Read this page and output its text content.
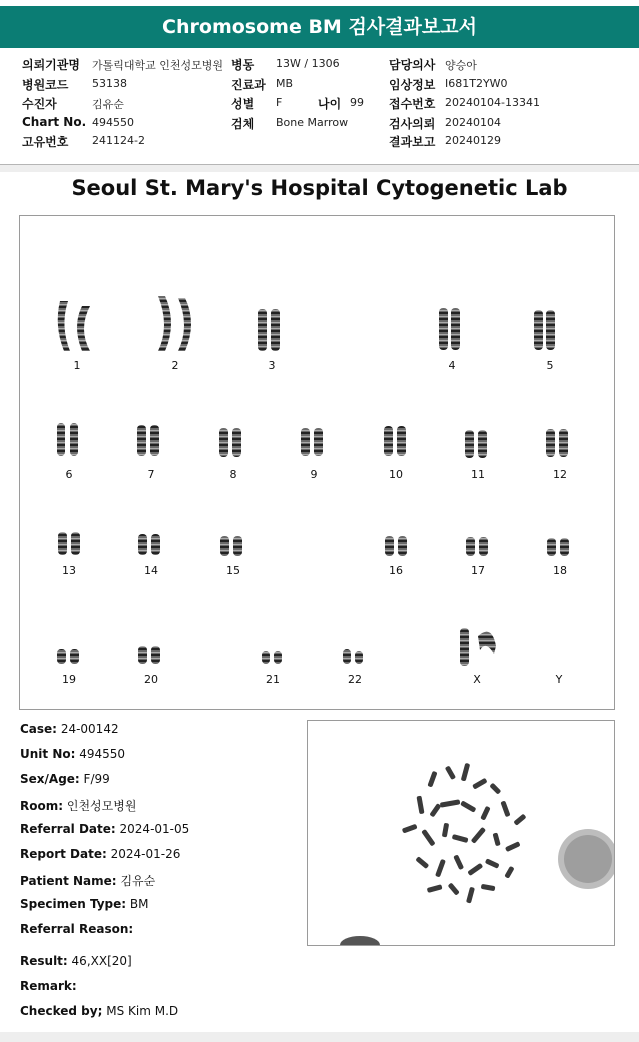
Chromosome BM 검사결과보고서
의뢰기관명 가톨릭대학교 인천성모병원 병동 13W / 1306	담당의사 양승아
병원코드 53138	진료과 MB	임상정보 I681T2YW0
수진자	김유순	성별 F	나이 99 접수번호 20240104-13341
Chart No. 494550	검체 Bone Marrow	검사의뢰 20240104
고유번호 241124-2	결과보고 20240129
Seoul St. Mary's Hospital Cytogenetic Lab
1	2	3	4	5
6	7	8	9	10	11	12
13	14	15	16	17	18
19	20	21	22	X	Y
Case: 24-00142
Unit No: 494550
Sex/Age: F/99
Room: 인천성모병원
Referral Date: 2024-01-05
Report Date: 2024-01-26
Patient Name: 김유순
Specimen Type: BM
Referral Reason:
Result: 46,XX[20]
Remark:
Checked by; MS Kim M.D
